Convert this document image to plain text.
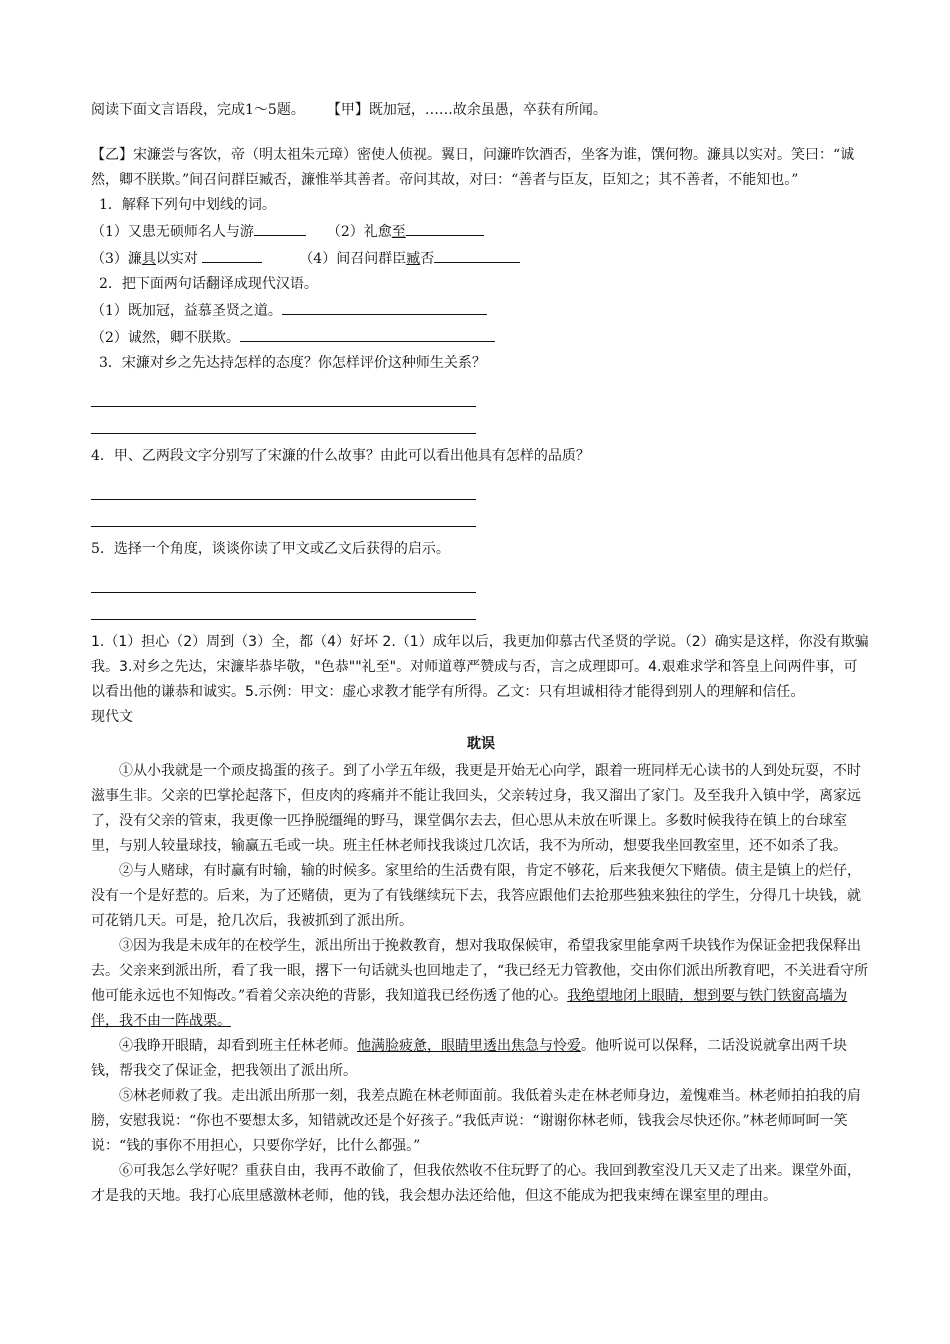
阅读下面文言语段，完成1～5题。 【甲】既加冠，……故余虽愚，卒获有所闻。

【乙】宋濂尝与客饮，帝（明太祖朱元璋）密使人侦视。翼日，问濂昨饮酒否，坐客为谁，馔何物。濂具以实对。笑曰：“诚然，卿不朕欺。”间召问群臣臧否，濂惟举其善者。帝问其故，对曰：“善者与臣友，臣知之；其不善者，不能知也。”

1．解释下列句中划线的词。

（1）又患无硕师名人与游	（2）礼愈至

（3）濂具以实对	（4）间召问群臣臧否

2．把下面两句话翻译成现代汉语。

（1）既加冠，益慕圣贤之道。

（2）诚然，卿不朕欺。

3．宋濂对乡之先达持怎样的态度？你怎样评价这种师生关系？

4．甲、乙两段文字分别写了宋濂的什么故事？由此可以看出他具有怎样的品质？

5．选择一个角度，谈谈你读了甲文或乙文后获得的启示。

1.（1）担心（2）周到（3）全，都（4）好坏 2.（1）成年以后，我更加仰慕古代圣贤的学说。（2）确实是这样，你没有欺骗我。3.对乡之先达，宋濂毕恭毕敬，"色恭""礼至"。对师道尊严赞成与否，言之成理即可。4.艰难求学和答皇上问两件事，可以看出他的谦恭和诚实。5.示例：甲文：虚心求教才能学有所得。乙文：只有坦诚相待才能得到别人的理解和信任。

现代文

耽误

①从小我就是一个顽皮捣蛋的孩子。到了小学五年级，我更是开始无心向学，跟着一班同样无心读书的人到处玩耍，不时滋事生非。父亲的巴掌抡起落下，但皮肉的疼痛并不能让我回头，父亲转过身，我又溜出了家门。及至我升入镇中学，离家远了，没有父亲的管束，我更像一匹挣脱缰绳的野马，课堂偶尔去去，但心思从未放在听课上。多数时候我待在镇上的台球室里，与别人较量球技，输赢五毛或一块。班主任林老师找我谈过几次话，我不为所动，想要我坐回教室里，还不如杀了我。

②与人赌球，有时赢有时输，输的时候多。家里给的生活费有限，肯定不够花，后来我便欠下赌债。债主是镇上的烂仔，没有一个是好惹的。后来，为了还赌债，更为了有钱继续玩下去，我答应跟他们去抢那些独来独往的学生，分得几十块钱，就可花销几天。可是，抢几次后，我被抓到了派出所。

③因为我是未成年的在校学生，派出所出于挽救教育，想对我取保候审，希望我家里能拿两千块钱作为保证金把我保释出去。父亲来到派出所，看了我一眼，撂下一句话就头也回地走了，“我已经无力管教他，交由你们派出所教育吧，不关进看守所他可能永远也不知悔改。”看着父亲决绝的背影，我知道我已经伤透了他的心。我绝望地闭上眼睛，想到要与铁门铁窗高墙为伴，我不由一阵战栗。

④我睁开眼睛，却看到班主任林老师。他满脸疲惫，眼睛里透出焦急与怜爱。他听说可以保释，二话没说就拿出两千块钱，帮我交了保证金，把我领出了派出所。

⑤林老师救了我。走出派出所那一刻，我差点跪在林老师面前。我低着头走在林老师身边，羞愧难当。林老师拍拍我的肩膀，安慰我说：“你也不要想太多，知错就改还是个好孩子。”我低声说：“谢谢你林老师，钱我会尽快还你。”林老师呵呵一笑说：“钱的事你不用担心，只要你学好，比什么都强。”

⑥可我怎么学好呢？重获自由，我再不敢偷了，但我依然收不住玩野了的心。我回到教室没几天又走了出来。课堂外面，才是我的天地。我打心底里感激林老师，他的钱，我会想办法还给他，但这不能成为把我束缚在课室里的理由。
